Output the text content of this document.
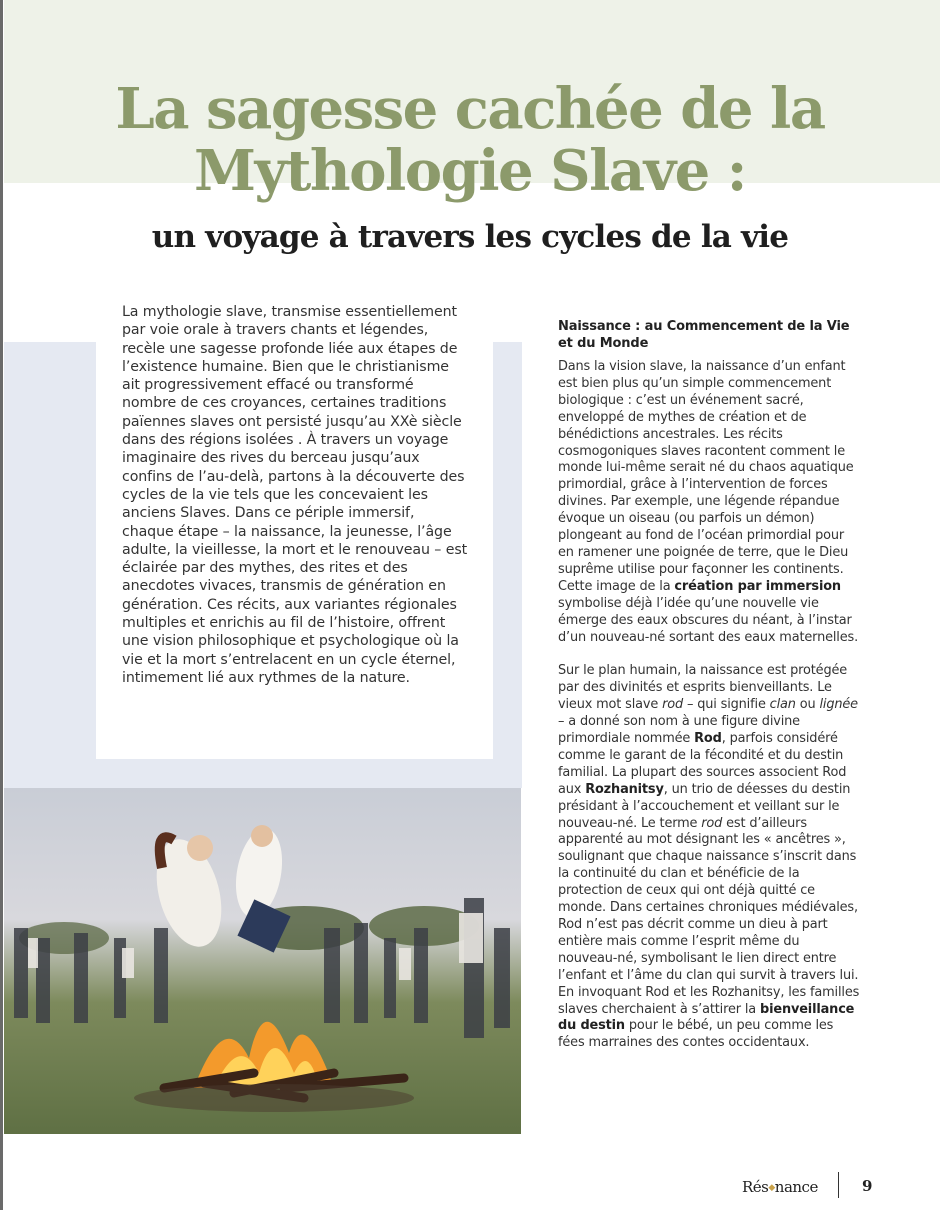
La sagesse cachée de la
Mythologie Slave :
un voyage à travers les cycles de la vie

La mythologie slave, transmise essentiellement par voie orale à travers chants et légendes, recèle une sagesse profonde liée aux étapes de l’existence humaine. Bien que le christianisme ait progressivement effacé ou transformé nombre de ces croyances, certaines traditions païennes slaves ont persisté jusqu’au XXè siècle dans des régions isolées . À travers un voyage imaginaire des rives du berceau jusqu’aux confins de l’au-delà, partons à la découverte des cycles de la vie tels que les concevaient les anciens Slaves. Dans ce périple immersif, chaque étape – la naissance, la jeunesse, l’âge adulte, la vieillesse, la mort et le renouveau – est éclairée par des mythes, des rites et des anecdotes vivaces, transmis de génération en génération. Ces récits, aux variantes régionales multiples et enrichis au fil de l’histoire, offrent une vision philosophique et psychologique où la vie et la mort s’entrelacent en un cycle éternel, intimement lié aux rythmes de la nature.

Naissance : au Commencement de la Vie et du Monde

Dans la vision slave, la naissance d’un enfant est bien plus qu’un simple commencement biologique : c’est un événement sacré, enveloppé de mythes de création et de bénédictions ancestrales. Les récits cosmogoniques slaves racontent comment le monde lui-même serait né du chaos aquatique primordial, grâce à l’intervention de forces divines. Par exemple, une légende répandue évoque un oiseau (ou parfois un démon) plongeant au fond de l’océan primordial pour en ramener une poignée de terre, que le Dieu suprême utilise pour façonner les continents. Cette image de la création par immersion symbolise déjà l’idée qu’une nouvelle vie émerge des eaux obscures du néant, à l’instar d’un nouveau-né sortant des eaux maternelles.

Sur le plan humain, la naissance est protégée par des divinités et esprits bienveillants. Le vieux mot slave rod – qui signifie clan ou lignée – a donné son nom à une figure divine primordiale nommée Rod, parfois considéré comme le garant de la fécondité et du destin familial. La plupart des sources associent Rod aux Rozhanitsy, un trio de déesses du destin présidant à l’accouchement et veillant sur le nouveau-né. Le terme rod est d’ailleurs apparenté au mot désignant les « ancêtres », soulignant que chaque naissance s’inscrit dans la continuité du clan et bénéficie de la protection de ceux qui ont déjà quitté ce monde. Dans certaines chroniques médiévales, Rod n’est pas décrit comme un dieu à part entière mais comme l’esprit même du nouveau-né, symbolisant le lien direct entre l’enfant et l’âme du clan qui survit à travers lui. En invoquant Rod et les Rozhanitsy, les familles slaves cherchaient à s’attirer la bienveillance du destin pour le bébé, un peu comme les fées marraines des contes occidentaux.

Rés◆nance	9
